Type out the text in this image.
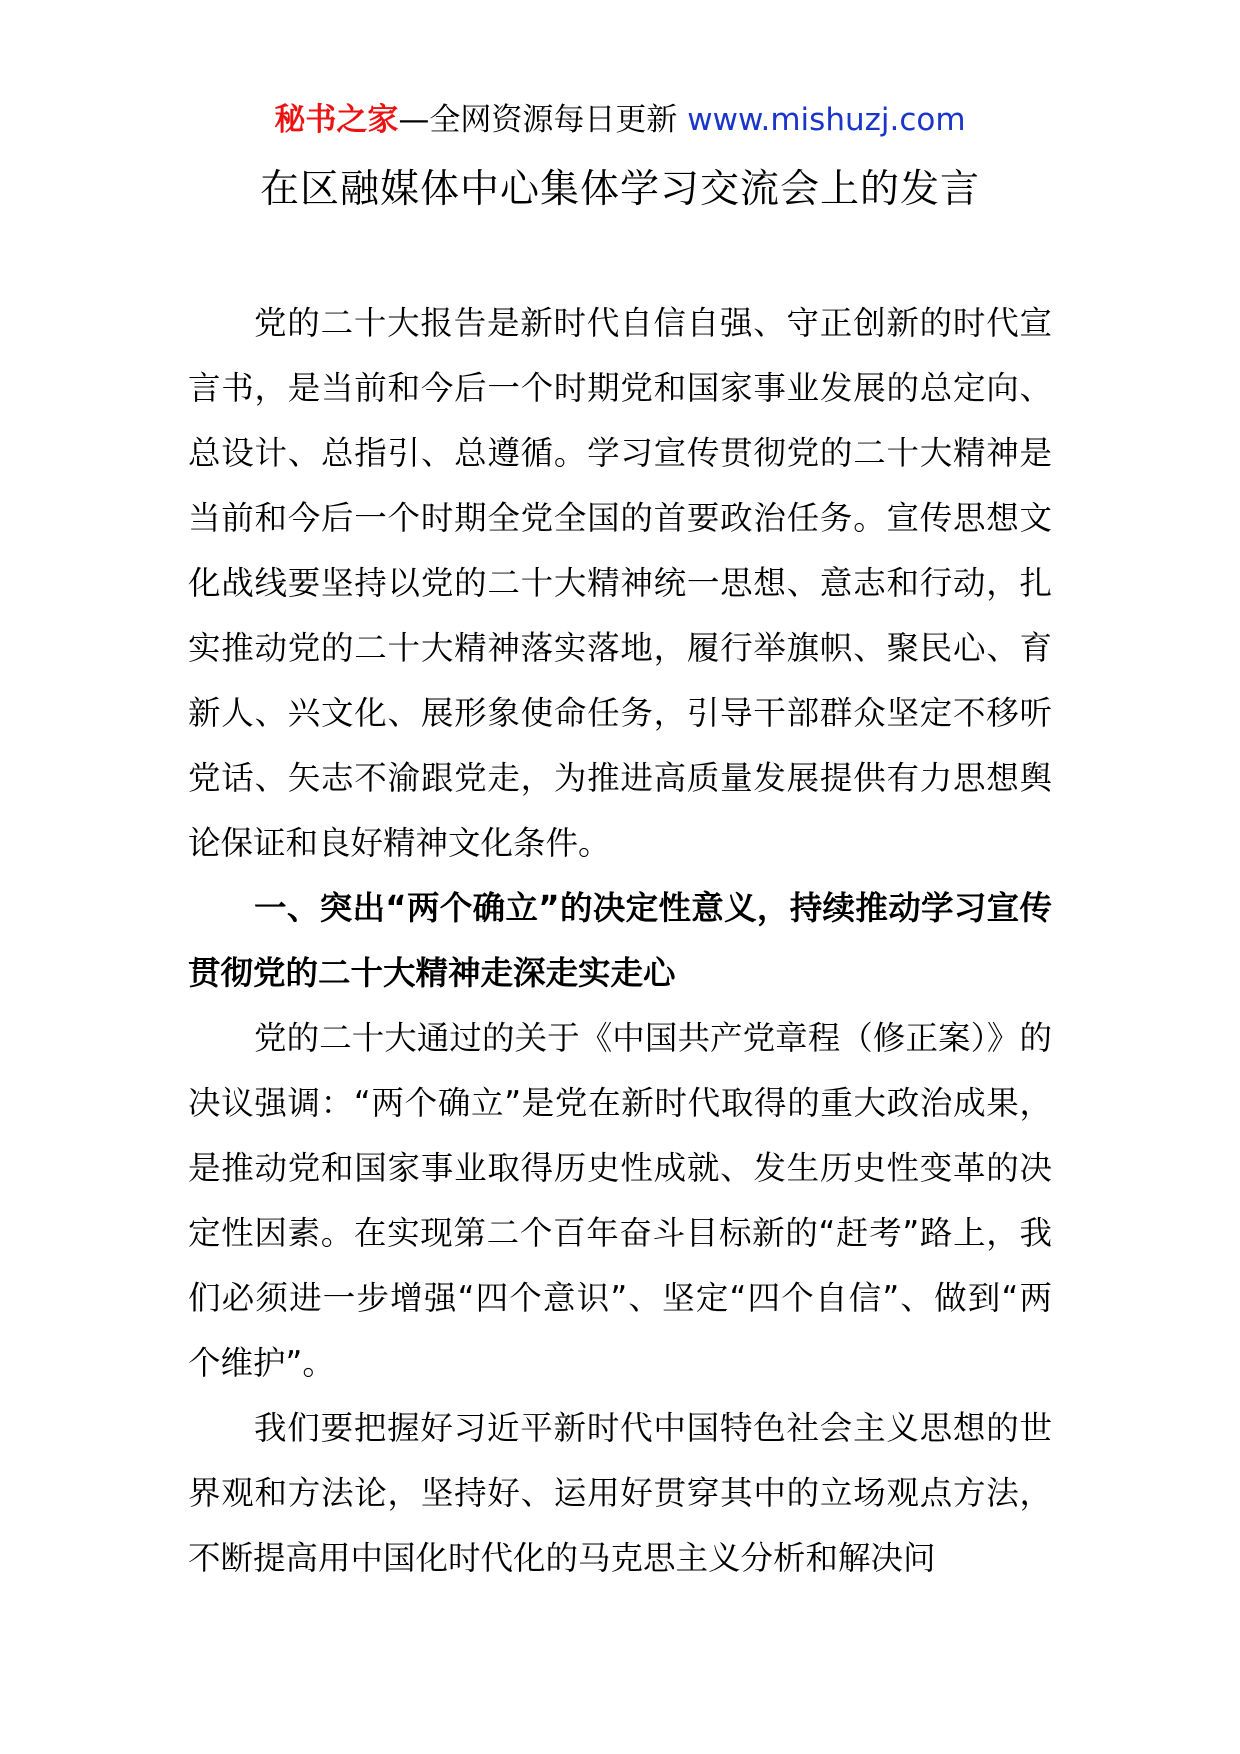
秘书之家—全网资源每日更新 www.mishuzj.com
在区融媒体中心集体学习交流会上的发言

党的二十大报告是新时代自信自强、守正创新的时代宣言书，是当前和今后一个时期党和国家事业发展的总定向、总设计、总指引、总遵循。学习宣传贯彻党的二十大精神是当前和今后一个时期全党全国的首要政治任务。宣传思想文化战线要坚持以党的二十大精神统一思想、意志和行动，扎实推动党的二十大精神落实落地，履行举旗帜、聚民心、育新人、兴文化、展形象使命任务，引导干部群众坚定不移听党话、矢志不渝跟党走，为推进高质量发展提供有力思想舆论保证和良好精神文化条件。

一、突出“两个确立”的决定性意义，持续推动学习宣传贯彻党的二十大精神走深走实走心

党的二十大通过的关于《中国共产党章程（修正案）》的决议强调：“两个确立”是党在新时代取得的重大政治成果，是推动党和国家事业取得历史性成就、发生历史性变革的决定性因素。在实现第二个百年奋斗目标新的“赶考”路上，我们必须进一步增强“四个意识”、坚定“四个自信”、做到“两个维护”。

我们要把握好习近平新时代中国特色社会主义思想的世界观和方法论，坚持好、运用好贯穿其中的立场观点方法，不断提高用中国化时代化的马克思主义分析和解决问
